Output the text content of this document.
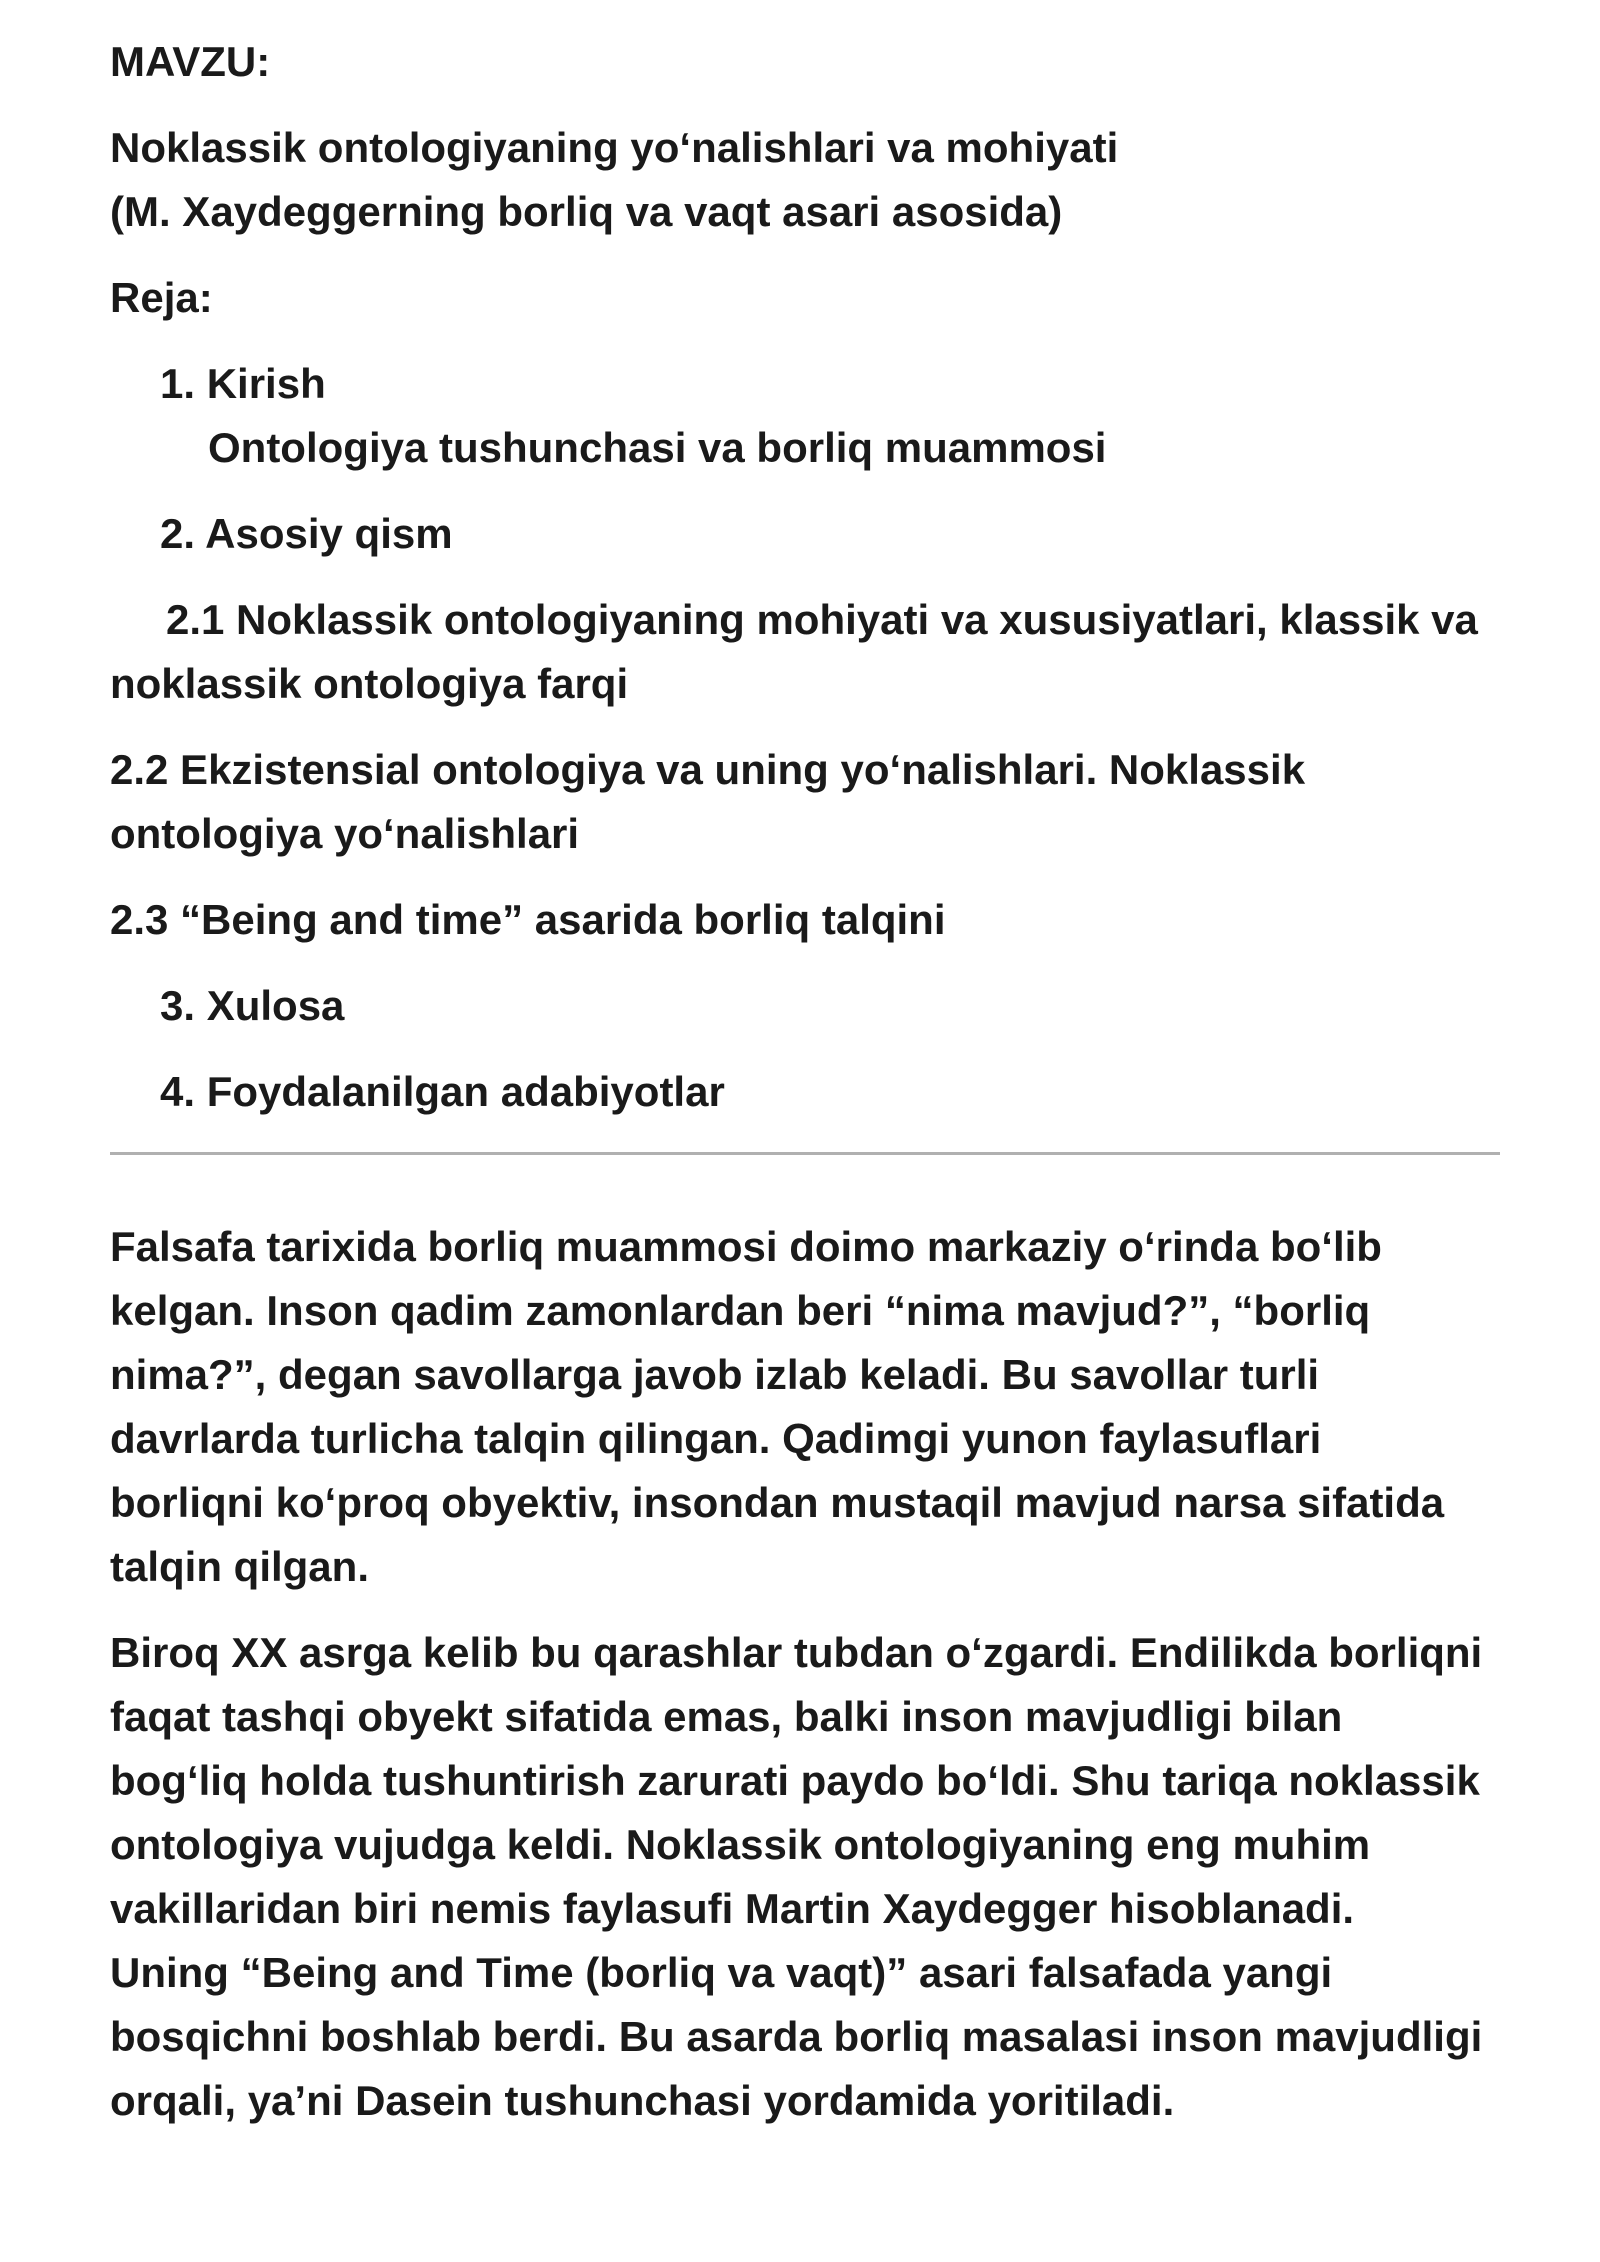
MAVZU:

Noklassik ontologiyaning yo‘nalishlari va mohiyati

(M. Xaydeggerning borliq va vaqt asari asosida)

Reja:

1. Kirish

Ontologiya tushunchasi va borliq muammosi

2. Asosiy qism

2.1 Noklassik ontologiyaning mohiyati va xususiyatlari, klassik va

noklassik ontologiya farqi

2.2 Ekzistensial ontologiya va uning yo‘nalishlari. Noklassik

ontologiya yo‘nalishlari

2.3 “Being and time” asarida borliq talqini

3. Xulosa

4. Foydalanilgan adabiyotlar

Falsafa tarixida borliq muammosi doimo markaziy o‘rinda bo‘lib
kelgan. Inson qadim zamonlardan beri “nima mavjud?”, “borliq
nima?”, degan savollarga javob izlab keladi. Bu savollar turli
davrlarda turlicha talqin qilingan. Qadimgi yunon faylasuflari
borliqni ko‘proq obyektiv, insondan mustaqil mavjud narsa sifatida
talqin qilgan.
Biroq XX asrga kelib bu qarashlar tubdan o‘zgardi. Endilikda borliqni
faqat tashqi obyekt sifatida emas, balki inson mavjudligi bilan
bog‘liq holda tushuntirish zarurati paydo bo‘ldi. Shu tariqa noklassik
ontologiya vujudga keldi. Noklassik ontologiyaning eng muhim
vakillaridan biri nemis faylasufi Martin Xaydegger hisoblanadi.
Uning “Being and Time (borliq va vaqt)” asari falsafada yangi
bosqichni boshlab berdi. Bu asarda borliq masalasi inson mavjudligi
orqali, ya’ni Dasein tushunchasi yordamida yoritiladi.
